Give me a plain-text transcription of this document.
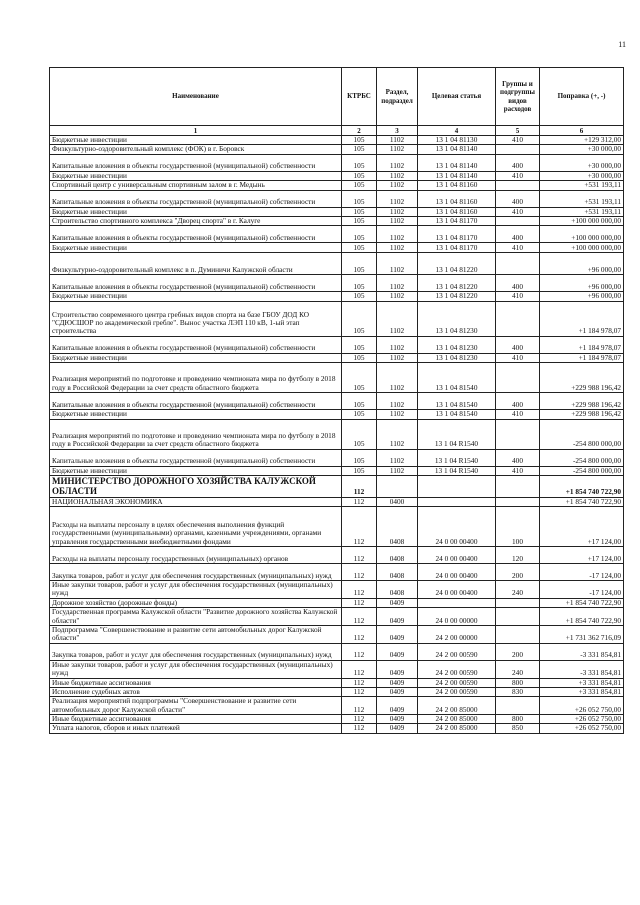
11
Наименование	КТРБС	Раздел, подраздел	Целевая статья	Группы и подгруппы видов расходов	Поправка (+, -)
1	2	3	4	5	6
Бюджетные инвестиции	105	1102	13 1 04 81130	410	+129 312,00
Физкультурно-оздоровительный комплекс (ФОК) в г. Боровск	105	1102	13 1 04 81140		+30 000,00
Капитальные вложения в объекты государственной (муниципальной) собственности	105	1102	13 1 04 81140	400	+30 000,00
Бюджетные инвестиции	105	1102	13 1 04 81140	410	+30 000,00
Спортивный центр с универсальным спортивным залом в г. Медынь	105	1102	13 1 04 81160		+531 193,11
Капитальные вложения в объекты государственной (муниципальной) собственности	105	1102	13 1 04 81160	400	+531 193,11
Бюджетные инвестиции	105	1102	13 1 04 81160	410	+531 193,11
Строительство спортивного комплекса "Дворец спорта" в г. Калуге	105	1102	13 1 04 81170		+100 000 000,00
Капитальные вложения в объекты государственной (муниципальной) собственности	105	1102	13 1 04 81170	400	+100 000 000,00
Бюджетные инвестиции	105	1102	13 1 04 81170	410	+100 000 000,00
Физкультурно-оздоровительный комплекс в п. Думиничи Калужской области	105	1102	13 1 04 81220		+96 000,00
Капитальные вложения в объекты государственной (муниципальной) собственности	105	1102	13 1 04 81220	400	+96 000,00
Бюджетные инвестиции	105	1102	13 1 04 81220	410	+96 000,00
Строительство современного центра гребных видов спорта на базе ГБОУ ДОД КО "СДЮСШОР по академической гребле". Вынос участка ЛЭП 110 кВ, 1-ый этап строительства	105	1102	13 1 04 81230		+1 184 978,07
Капитальные вложения в объекты государственной (муниципальной) собственности	105	1102	13 1 04 81230	400	+1 184 978,07
Бюджетные инвестиции	105	1102	13 1 04 81230	410	+1 184 978,07
Реализация мероприятий по подготовке и проведению чемпионата мира по футболу в 2018 году в Российской Федерации за счет средств областного бюджета	105	1102	13 1 04 81540		+229 988 196,42
Капитальные вложения в объекты государственной (муниципальной) собственности	105	1102	13 1 04 81540	400	+229 988 196,42
Бюджетные инвестиции	105	1102	13 1 04 81540	410	+229 988 196,42
Реализация мероприятий по подготовке и проведению чемпионата мира по футболу в 2018 году в Российской Федерации за счет средств областного бюджета	105	1102	13 1 04 R1540		-254 800 000,00
Капитальные вложения в объекты государственной (муниципальной) собственности	105	1102	13 1 04 R1540	400	-254 800 000,00
Бюджетные инвестиции	105	1102	13 1 04 R1540	410	-254 800 000,00
МИНИСТЕРСТВО ДОРОЖНОГО ХОЗЯЙСТВА КАЛУЖСКОЙ ОБЛАСТИ	112				+1 854 740 722,90
НАЦИОНАЛЬНАЯ ЭКОНОМИКА	112	0400			+1 854 740 722,90
Расходы на выплаты персоналу в целях обеспечения выполнения функций государственными (муниципальными) органами, казенными учреждениями, органами управления государственными внебюджетными фондами	112	0408	24 0 00 00400	100	+17 124,00
Расходы на выплаты персоналу государственных (муниципальных) органов	112	0408	24 0 00 00400	120	+17 124,00
Закупка товаров, работ и услуг для обеспечения государственных (муниципальных) нужд	112	0408	24 0 00 00400	200	-17 124,00
Иные закупки товаров, работ и услуг для обеспечения государственных (муниципальных) нужд	112	0408	24 0 00 00400	240	-17 124,00
Дорожное хозяйство (дорожные фонды)	112	0409			+1 854 740 722,90
Государственная программа Калужской области "Развитие дорожного хозяйства Калужской области"	112	0409	24 0 00 00000		+1 854 740 722,90
Подпрограмма "Совершенствование и развитие сети автомобильных дорог Калужской области"	112	0409	24 2 00 00000		+1 731 362 716,09
Закупка товаров, работ и услуг для обеспечения государственных (муниципальных) нужд	112	0409	24 2 00 00590	200	-3 331 854,81
Иные закупки товаров, работ и услуг для обеспечения государственных (муниципальных) нужд	112	0409	24 2 00 00590	240	-3 331 854,81
Иные бюджетные ассигнования	112	0409	24 2 00 00590	800	+3 331 854,81
Исполнение судебных актов	112	0409	24 2 00 00590	830	+3 331 854,81
Реализация мероприятий подпрограммы "Совершенствование и развитие сети автомобильных дорог Калужской области"	112	0409	24 2 00 85000		+26 052 750,00
Иные бюджетные ассигнования	112	0409	24 2 00 85000	800	+26 052 750,00
Уплата налогов, сборов и иных платежей	112	0409	24 2 00 85000	850	+26 052 750,00
